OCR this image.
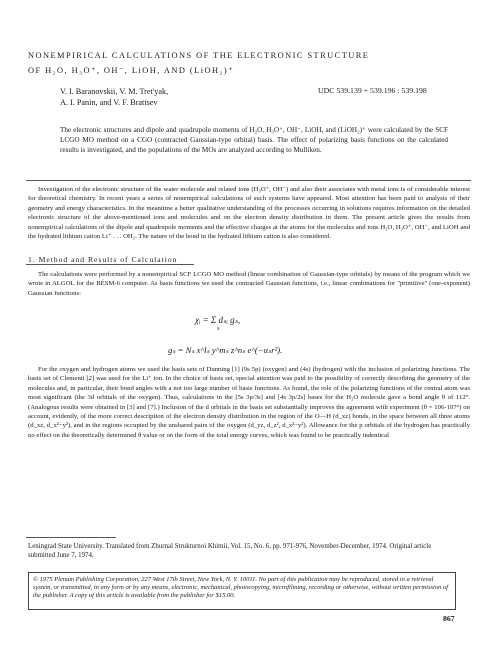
NONEMPIRICAL CALCULATIONS OF THE ELECTRONIC STRUCTURE
OF H₂O, H₃O⁺, OH⁻, LiOH, AND (LiOH₂)⁺
V. I. Baranovskii, V. M. Tret'yak,
A. I. Panin, and V. F. Brattsev
UDC 539.139 + 539.196 : 539.198
The electronic structures and dipole and quadrupole moments of H₂O, H₃O⁺, OH⁻, LiOH, and (LiOH₂)⁺ were calculated by the SCF LCGO MO method on a CGO (contracted Gaussian-type orbital) basis. The effect of polarizing basis functions on the calculated results is investigated, and the populations of the MOs are analyzed according to Mulliken.

Investigation of the electronic structure of the water molecule and related ions (H₃O⁺, OH⁻) and also their associates with metal ions is of considerable interest for theoretical chemistry. In recent years a series of nonempirical calculations of such systems have appeared. Most attention has been paid to analysis of their geometry and energy characteristics. In the meantime a better qualitative understanding of the processes occurring in solutions requires information on the detailed electronic structure of the above-mentioned ions and molecules and on the electron density distribution in them. The present article gives the results from nonempirical calculations of the dipole and quadrupole moments and the effective charges at the atoms for the molecules and ions H₂O, H₃O⁺, OH⁻, and LiOH and the hydrated lithium cation Li⁺ . . . OH₂. The nature of the bond in the hydrated lithium cation is also considered.

1. Method and Results of Calculation

The calculations were performed by a nonempirical SCF LCGO MO method (linear combination of Gaussian-type orbitals) by means of the program which we wrote in ALGOL for the BÉSM-6 computer. As basis functions we used the contracted Gaussian functions, i.e., linear combinations for "primitive" (one-exponent) Gaussian functions:

χᵢ = Σ dₛᵢ gₛ,
s
gₛ = Nₛ x^lₛ y^mₛ z^nₛ e^(−αₛr²).

For the oxygen and hydrogen atoms we used the basis sets of Dunning [1] (9s 5p) (oxygen) and (4s) (hydrogen) with the inclusion of polarizing functions. The basis set of Clementi [2] was used for the Li⁺ ion. In the choice of basis set, special attention was paid to the possibility of correctly describing the geometry of the molecules and, in particular, their bond angles with a not too large number of basis functions. As found, the role of the polarizing functions of the central atom was most significant (the 3d orbitals of the oxygen). Thus, calculations in the [5s 3p/3s] and [4s 3p/2s] bases for the H₂O molecule gave a bond angle θ of 112°. (Analogous results were obtained in [3] and [7].) Inclusion of the d orbitals in the basis set substantially improves the agreement with experiment (θ = 106-107°) on account, evidently, of the more correct description of the electron density distribution in the region of the O—H (d_xz) bonds, in the space between all three atoms (d_xz, d_x²−y²), and in the regions occupied by the unshared pairs of the oxygen (d_yz, d_z², d_x²−y²). Allowance for the p orbitals of the hydrogen has practically no effect on the theoretically determined θ value or on the form of the total energy curves, which was found to be practically indentical

Leningrad State University. Translated from Zhurnal Strukturnoi Khimii, Vol. 15, No. 6, pp. 971-976, November-December, 1974. Original article submitted June 7, 1974.
© 1975 Plenum Publishing Corporation, 227 West 17th Street, New York, N. Y. 10011. No part of this publication may be reproduced, stored in a retrieval system, or transmitted, in any form or by any means, electronic, mechanical, photocopying, microfilming, recording or otherwise, without written permission of the publisher. A copy of this article is available from the publisher for $15.00.
867
